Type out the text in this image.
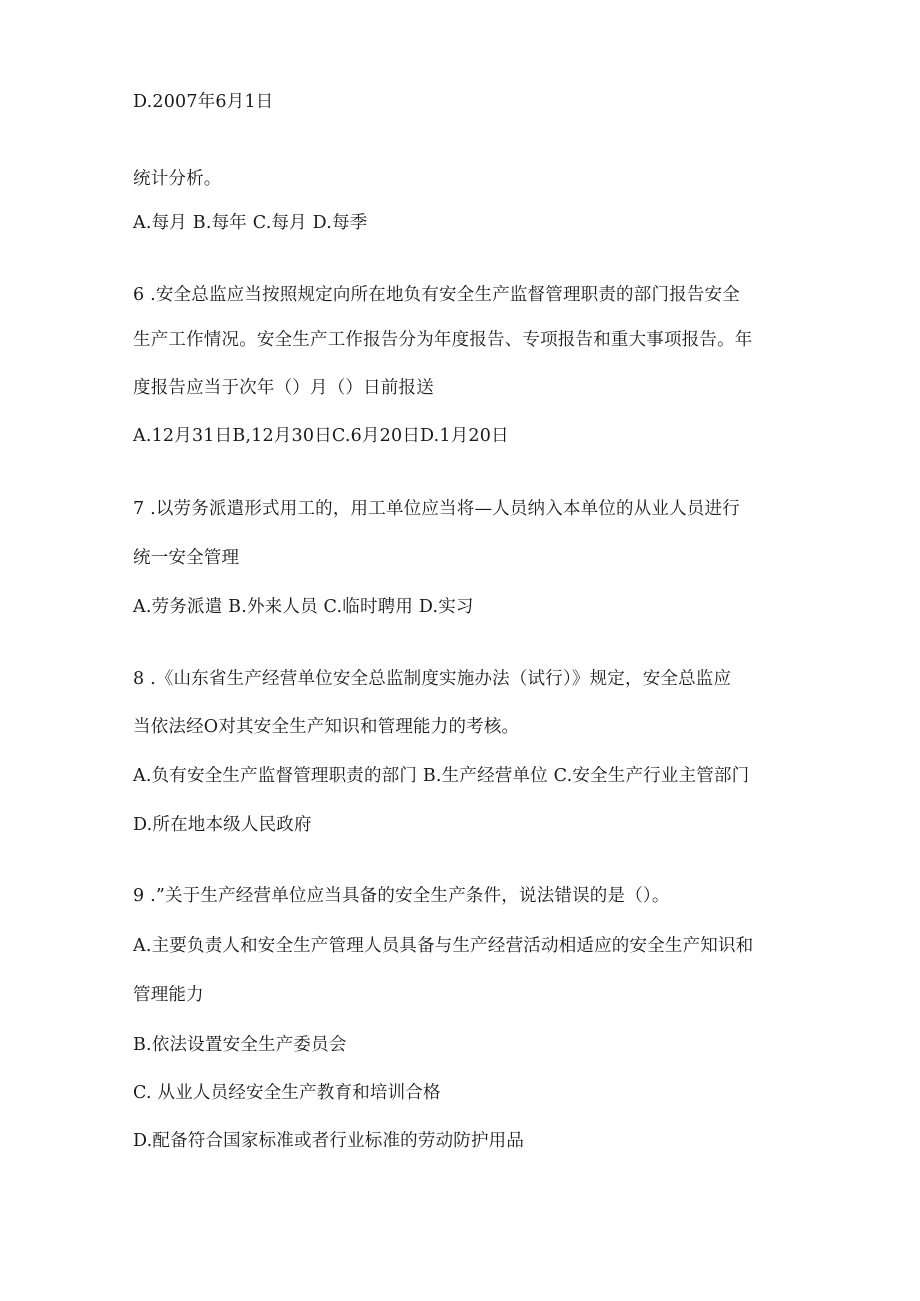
D.2007年6月1日
统计分析。
A.每月 B.每年 C.每月 D.每季
6 .安全总监应当按照规定向所在地负有安全生产监督管理职责的部门报告安全
生产工作情况。安全生产工作报告分为年度报告、专项报告和重大事项报告。年
度报告应当于次年（）月（）日前报送
A.12月31日B,12月30日C.6月20日D.1月20日
7 .以劳务派遣形式用工的，用工单位应当将—人员纳入本单位的从业人员进行
统一安全管理
A.劳务派遣 B.外来人员 C.临时聘用 D.实习
8 .《山东省生产经营单位安全总监制度实施办法（试行）》规定，安全总监应
当依法经O对其安全生产知识和管理能力的考核。
A.负有安全生产监督管理职责的部门 B.生产经营单位 C.安全生产行业主管部门
D.所在地本级人民政府
9 .”关于生产经营单位应当具备的安全生产条件，说法错误的是（）。
A.主要负责人和安全生产管理人员具备与生产经营活动相适应的安全生产知识和
管理能力
B.依法设置安全生产委员会
C. 从业人员经安全生产教育和培训合格
D.配备符合国家标准或者行业标准的劳动防护用品
